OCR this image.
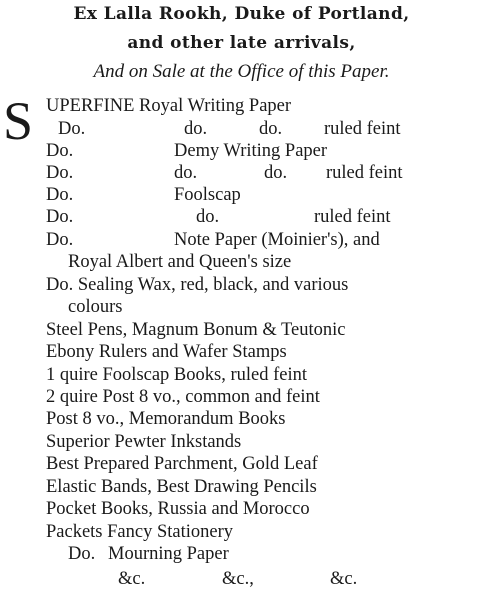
Ex Lalla Rookh, Duke of Portland,
and other late arrivals,
And on Sale at the Office of this Paper.
S UPERFINE Royal Writing Paper
Do.	do.	do. ruled feint
Do.	Demy Writing Paper
Do.	do.	do. ruled feint
Do.	Foolscap
Do.	do.	ruled feint
Do.	Note Paper (Moinier's), and
Royal Albert and Queen's size
Do. Sealing Wax, red, black, and various
colours
Steel Pens, Magnum Bonum & Teutonic
Ebony Rulers and Wafer Stamps
1 quire Foolscap Books, ruled feint
2 quire Post 8 vo., common and feint
Post 8 vo., Memorandum Books
Superior Pewter Inkstands
Best Prepared Parchment, Gold Leaf
Elastic Bands, Best Drawing Pencils
Pocket Books, Russia and Morocco
Packets Fancy Stationery
Do. Mourning Paper
&c.	&c.,	&c.
